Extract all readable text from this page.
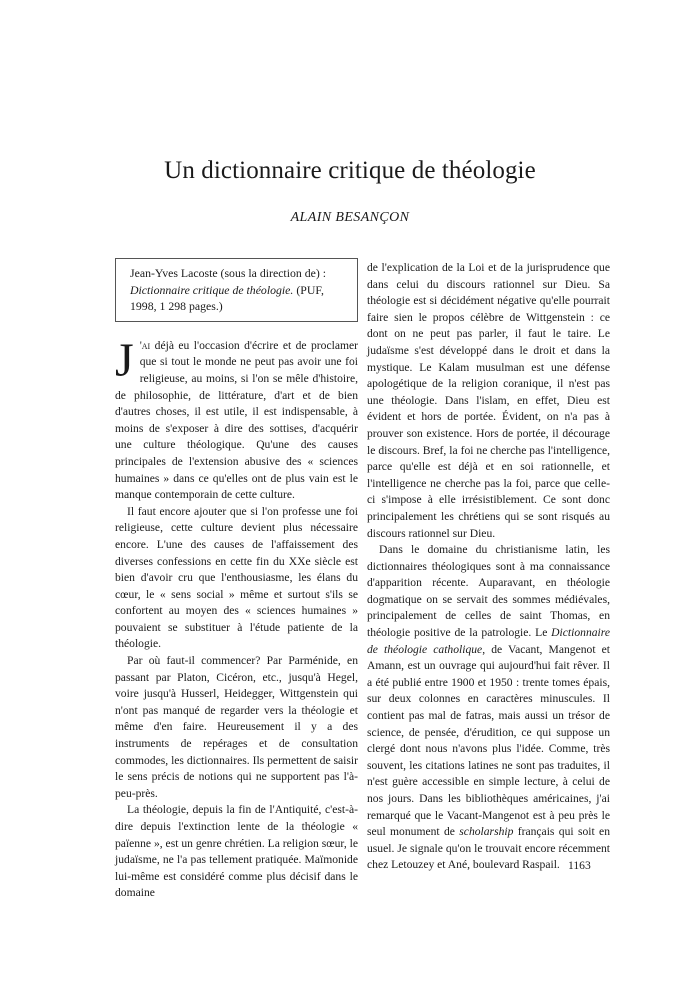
Un dictionnaire critique de théologie
ALAIN BESANÇON
Jean-Yves Lacoste (sous la direction de) : Dictionnaire critique de théologie. (PUF, 1998, 1 298 pages.)

J 'ai déjà eu l'occasion d'écrire et de proclamer que si tout le monde ne peut pas avoir une foi religieuse, au moins, si l'on se mêle d'histoire, de philosophie, de littérature, d'art et de bien d'autres choses, il est utile, il est indispensable, à moins de s'exposer à dire des sottises, d'acquérir une culture théologique. Qu'une des causes principales de l'extension abusive des « sciences humaines » dans ce qu'elles ont de plus vain est le manque contemporain de cette culture.

Il faut encore ajouter que si l'on professe une foi religieuse, cette culture devient plus nécessaire encore. L'une des causes de l'affaissement des diverses confessions en cette fin du XXe siècle est bien d'avoir cru que l'enthousiasme, les élans du cœur, le « sens social » même et surtout s'ils se confortent au moyen des « sciences humaines » pouvaient se substituer à l'étude patiente de la théologie.

Par où faut-il commencer? Par Parménide, en passant par Platon, Cicéron, etc., jusqu'à Hegel, voire jusqu'à Husserl, Heidegger, Wittgenstein qui n'ont pas manqué de regarder vers la théologie et même d'en faire. Heureusement il y a des instruments de repérages et de consultation commodes, les dictionnaires. Ils permettent de saisir le sens précis de notions qui ne supportent pas l'à-peu-près.

La théologie, depuis la fin de l'Antiquité, c'est-à-dire depuis l'extinction lente de la théologie « païenne », est un genre chrétien. La religion sœur, le judaïsme, ne l'a pas tellement pratiquée. Maïmonide lui-même est considéré comme plus décisif dans le domaine

de l'explication de la Loi et de la jurisprudence que dans celui du discours rationnel sur Dieu. Sa théologie est si décidément négative qu'elle pourrait faire sien le propos célèbre de Wittgenstein : ce dont on ne peut pas parler, il faut le taire. Le judaïsme s'est développé dans le droit et dans la mystique. Le Kalam musulman est une défense apologétique de la religion coranique, il n'est pas une théologie. Dans l'islam, en effet, Dieu est évident et hors de portée. Évident, on n'a pas à prouver son existence. Hors de portée, il décourage le discours. Bref, la foi ne cherche pas l'intelligence, parce qu'elle est déjà et en soi rationnelle, et l'intelligence ne cherche pas la foi, parce que celle-ci s'impose à elle irrésistiblement. Ce sont donc principalement les chrétiens qui se sont risqués au discours rationnel sur Dieu.

Dans le domaine du christianisme latin, les dictionnaires théologiques sont à ma connaissance d'apparition récente. Auparavant, en théologie dogmatique on se servait des sommes médiévales, principalement de celles de saint Thomas, en théologie positive de la patrologie. Le Dictionnaire de théologie catholique, de Vacant, Mangenot et Amann, est un ouvrage qui aujourd'hui fait rêver. Il a été publié entre 1900 et 1950 : trente tomes épais, sur deux colonnes en caractères minuscules. Il contient pas mal de fatras, mais aussi un trésor de science, de pensée, d'érudition, ce qui suppose un clergé dont nous n'avons plus l'idée. Comme, très souvent, les citations latines ne sont pas traduites, il n'est guère accessible en simple lecture, à celui de nos jours. Dans les bibliothèques américaines, j'ai remarqué que le Vacant-Mangenot est à peu près le seul monument de scholarship français qui soit en usuel. Je signale qu'on le trouvait encore récemment chez Letouzey et Ané, boulevard Raspail. 1163
